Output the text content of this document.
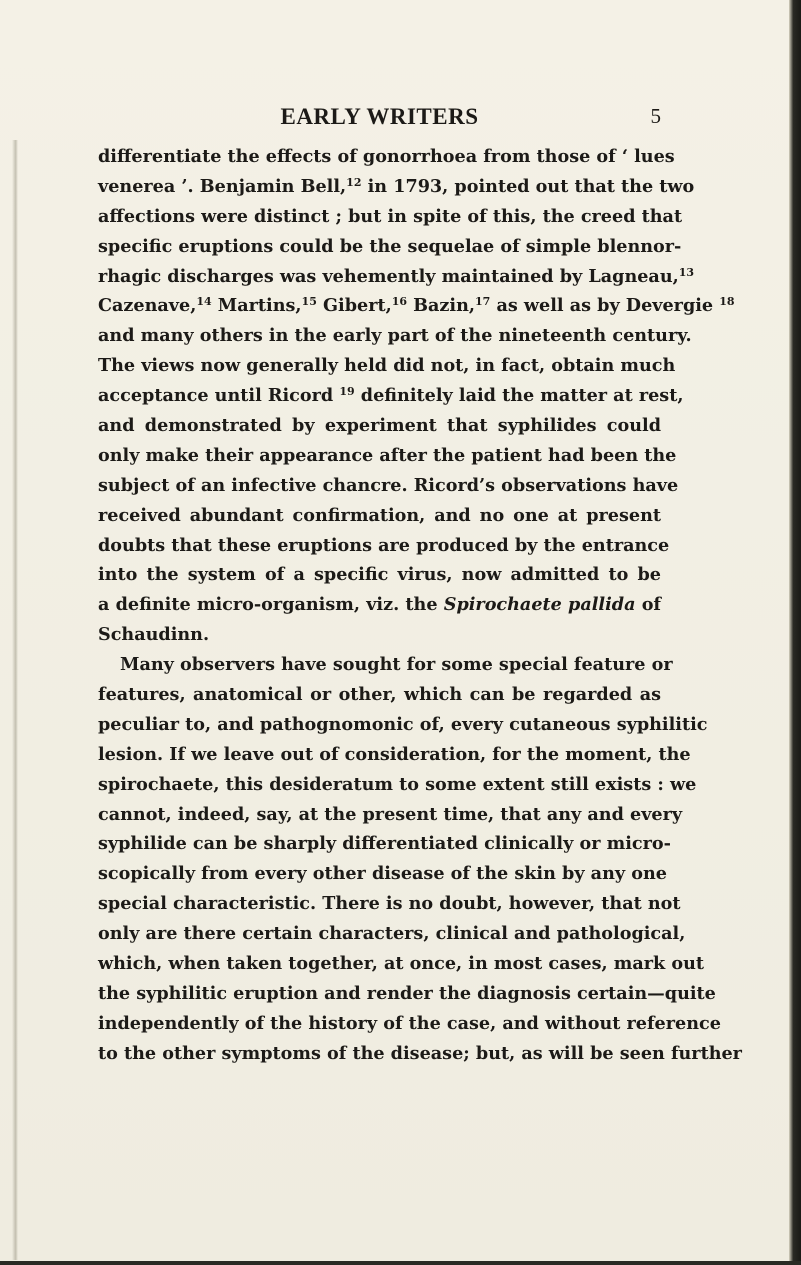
EARLY WRITERS	5
differentiate the effects of gonorrhoea from those of ‘ lues
venerea ’. Benjamin Bell,$^{12}$ in 1793, pointed out that the two
affections were distinct ; but in spite of this, the creed that
specific eruptions could be the sequelae of simple blennor-
rhagic discharges was vehemently maintained by Lagneau,$^{13}$
Cazenave,$^{14}$ Martins,$^{15}$ Gibert,$^{16}$ Bazin,$^{17}$ as well as by Devergie $^{18}$
and many others in the early part of the nineteenth century.
The views now generally held did not, in fact, obtain much
acceptance until Ricord $^{19}$ definitely laid the matter at rest,
and demonstrated by experiment that syphilides could
only make their appearance after the patient had been the
subject of an infective chancre. Ricord’s observations have
received abundant confirmation, and no one at present
doubts that these eruptions are produced by the entrance
into the system of a specific virus, now admitted to be
a definite micro-organism, viz. the Spirochaete pallida of
Schaudinn.
Many observers have sought for some special feature or
features, anatomical or other, which can be regarded as
peculiar to, and pathognomonic of, every cutaneous syphilitic
lesion. If we leave out of consideration, for the moment, the
spirochaete, this desideratum to some extent still exists : we
cannot, indeed, say, at the present time, that any and every
syphilide can be sharply differentiated clinically or micro-
scopically from every other disease of the skin by any one
special characteristic. There is no doubt, however, that not
only are there certain characters, clinical and pathological,
which, when taken together, at once, in most cases, mark out
the syphilitic eruption and render the diagnosis certain—quite
independently of the history of the case, and without reference
to the other symptoms of the disease; but, as will be seen further
